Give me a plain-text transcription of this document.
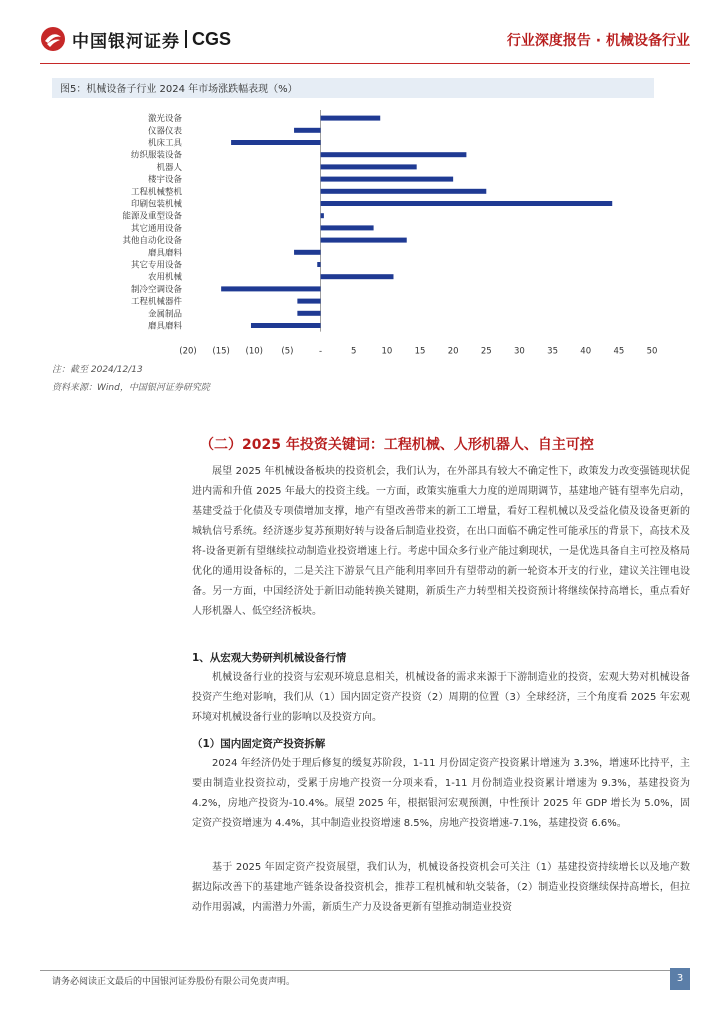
中国银河证券 CGS	行业深度报告 · 机械设备行业
图5：机械设备子行业 2024 年市场涨跌幅表现（%）
激光设备
仪器仪表
机床工具
纺织服装设备
机器人
楼宇设备
工程机械整机
印刷包装机械
能源及重型设备
其它通用设备
其他自动化设备
磨具磨料
其它专用设备
农用机械
制冷空调设备
工程机械器件
金属制品
磨具磨料
(20) (15) (10) (5)	-	5	10	15	20	25	30	35	40	45	50
注：截至 2024/12/13
资料来源：Wind，中国银河证券研究院
（二）2025 年投资关键词：工程机械、人形机器人、自主可控

展望 2025 年机械设备板块的投资机会，我们认为，在外部具有较大不确定性下，政策发力改变强链现状促进内需和升值 2025 年最大的投资主线。一方面，政策实施重大力度的逆周期调节，基建地产链有望率先启动，基建受益于化债及专项债增加支撑，地产有望改善带来的新工工增量，看好工程机械以及受益化债及设备更新的城轨信号系统。经济逐步复苏预期好转与设备后制造业投资，在出口面临不确定性可能承压的背景下，高技术及将-设备更新有望继续拉动制造业投资增速上行。考虑中国众多行业产能过剩现状，一是优选具备自主可控及格局优化的通用设备标的，二是关注下游景气且产能利用率回升有望带动的新一轮资本开支的行业，建议关注锂电设备。另一方面，中国经济处于新旧动能转换关键期，新质生产力转型相关投资预计将继续保持高增长，重点看好人形机器人、低空经济板块。

1、从宏观大势研判机械设备行情

机械设备行业的投资与宏观环境息息相关，机械设备的需求来源于下游制造业的投资，宏观大势对机械设备投资产生绝对影响，我们从（1）国内固定资产投资（2）周期的位置（3）全球经济，三个角度看 2025 年宏观环境对机械设备行业的影响以及投资方向。

（1）国内固定资产投资拆解

2024 年经济仍处于理后修复的缓复苏阶段，1-11 月份固定资产投资累计增速为 3.3%，增速环比持平，主要由制造业投资拉动，受累于房地产投资一分项来看，1-11 月份制造业投资累计增速为 9.3%，基建投资为 4.2%，房地产投资为-10.4%。展望 2025 年，根据银河宏观预测，中性预计 2025 年 GDP 增长为 5.0%，固定资产投资增速为 4.4%，其中制造业投资增速 8.5%，房地产投资增速-7.1%，基建投资 6.6%。

基于 2025 年固定资产投资展望，我们认为，机械设备投资机会可关注（1）基建投资持续增长以及地产数据边际改善下的基建地产链条设备投资机会，推荐工程机械和轨交装备，（2）制造业投资继续保持高增长，但拉动作用弱减，内需潜力外需，新质生产力及设备更新有望推动制造业投资

请务必阅读正文最后的中国银河证券股份有限公司免责声明。	3
